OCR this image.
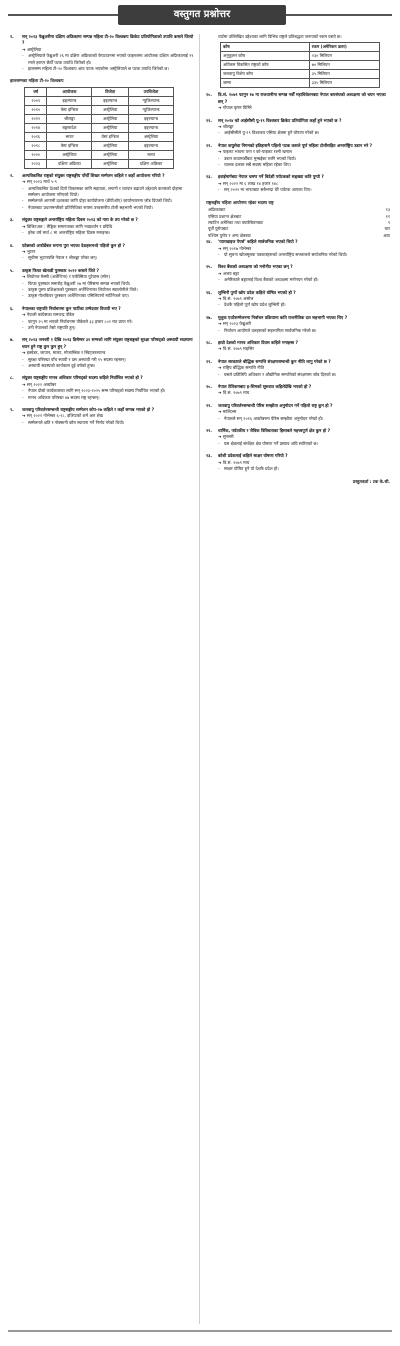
वस्तुगत प्रश्नोत्तर
१.	सन् २०२३ फेब्रुअरीमा दक्षिण अफ्रिकामा सम्पन्न महिला टी-२० विश्वकप क्रिकेट प्रतियोगिताको उपाधि कसले जित्यो ?
➔ अस्ट्रेलिया
-	अस्ट्रेलियाले फेब्रुअरी २६ मा दक्षिण अफ्रिकाको केपटाउनमा भएको फाइनलमा आयोजक दक्षिण अफ्रिकालाई १९ रनले हराएर छैठौँ पटक उपाधि जितेको हो।
-	हालसम्म महिला टी-२० विश्वकप आठ पटक भएकोमा अस्ट्रेलियाले छ पटक उपाधि जितेको छ।
हालसम्मका महिला टी-२० विश्वकप
वर्ष	आयोजक	विजेता	उपविजेता
२००९	इङ्ल्यान्ड	इङ्ल्यान्ड	न्युजिल्यान्ड
२०१०	वेस्ट इन्डिज	अस्ट्रेलिया	न्युजिल्यान्ड
२०१२	श्रीलङ्का	अस्ट्रेलिया	इङ्ल्यान्ड
२०१४	बङ्गलादेश	अस्ट्रेलिया	इङ्ल्यान्ड
२०१६	भारत	वेस्ट इन्डिज	अस्ट्रेलिया
२०१८	वेस्ट इन्डिज	अस्ट्रेलिया	इङ्ल्यान्ड
२०२०	अस्ट्रेलिया	अस्ट्रेलिया	भारत
२०२३	दक्षिण अफ्रिका	अस्ट्रेलिया	दक्षिण अफ्रिका
२.	अल्पविकसित राष्ट्रको संयुक्त राष्ट्रसङ्घीय पाँचौँ शिखर सम्मेलन कहिले र कहाँ आयोजना गरियो ?
➔ सन् २०२३ मार्च ५-९
-	अल्पविकसित देशको दिगो विकासका लागि सहायता, लगानी र व्यापार बढाउने उद्देश्यले कतारको दोहामा सम्मेलन आयोजना गरिएको थियो।
-	सम्मेलनले आगामी दशकका लागि दोहा कार्ययोजना (डीपीओए) कार्यान्वयनमा जोड दिएको थियो।
-	नेपालबाट प्रधानमन्त्रीको प्रतिनिधिका रूपमा उच्चस्तरीय टोली सहभागी भएको थियो।
३.	संयुक्त राष्ट्रसङ्घले अन्तर्राष्ट्रिय महिला दिवस २०२३ को नारा के तय गरेको छ ?
➔ डिजिटअल : लैङ्गिक समानताका लागि नवप्रवर्तन र प्रविधि
-	हरेक वर्ष मार्च ८ मा अन्तर्राष्ट्रिय महिला दिवस मनाइन्छ।
४.	फोब्र्सको अफोर्डेबल रूपमा पुरा भएका देशहरूमध्ये पहिलो कुन हो ?
➔ भुटान
-	सूचीमा भुटानपछि नेपाल र श्रीलङ्का परेका छन्।
५.	उत्कृष्ट फिफा खेलाडी पुरस्कार २०२२ कसले जिते ?
➔ लियोनल मेस्सी (अर्जेन्टिना) र एलेक्सिया पुटेयास (स्पेन)
-	फिफा पुरस्कार समारोह फेब्रुअरी २७ मा पेरिसमा सम्पन्न भएको थियो।
-	उत्कृष्ट पुरुष प्रशिक्षकको पुरस्कार अर्जेन्टिनाका लियोनल स्कालोनीले जिते।
-	उत्कृष्ट गोलकिपर पुरस्कार अर्जेन्टिनाका एमिलियानो मार्टिनेजले पाए।
६.	नेपालका राष्ट्रपति निर्वाचनमा कुन पार्टीका उम्मेदवार विजयी भए ?
➔ नेपाली कांग्रेसका रामचन्द्र पौडेल
-	फागुन २५ मा भएको निर्वाचनमा पौडेलले ३३ हजार ८०२ मत प्राप्त गरे।
-	उनी नेपालको तेस्रो राष्ट्रपति हुन्।
७.	सन् २०२३ जनवरी १ देखि २०२३ डिसेम्बर ३१ सम्मको लागि संयुक्त राष्ट्रसङ्घको सुरक्षा परिषद्को अस्थायी सदस्यमा चयन हुने राष्ट्र कुन कुन हुन् ?
➔ इक्वेडर, जापान, माल्टा, मोजाम्बिक र स्विट्जरल्यान्ड
-	सुरक्षा परिषद्मा पाँच स्थायी र दस अस्थायी गरी १५ सदस्य रहन्छन्।
-	अस्थायी सदस्यको कार्यकाल दुई वर्षको हुन्छ।
८.	संयुक्त राष्ट्रसङ्घीय मानव अधिकार परिषद्को सदस्य कहिले निर्वाचित भएको हो ?
➔ सन् २०२२ अक्टोबर
-	नेपाल दोस्रो कार्यकालका लागि सन् २०२३-२०२५ सम्म परिषद्को सदस्य निर्वाचित भएको हो।
-	मानव अधिकार परिषद्मा ४७ सदस्य राष्ट्र रहन्छन्।
९.	जलवायु परिवर्तनसम्बन्धी राष्ट्रसङ्घीय सम्मेलन कोप-२७ कहिले र कहाँ सम्पन्न भएको हो ?
➔ सन् २०२२ नोभेम्बर ६-१८, इजिप्टको शर्म अल शेख
-	सम्मेलनले क्षति र नोक्सानी कोष स्थापना गर्ने निर्णय गरेको थियो।
चार्टमा उल्लिखित उद्देश्यका लागि विभिन्न राष्ट्रले प्रतिबद्धता जनाएको रकम यस्तो छ।
कोष	रकम (अमेरिकन डलर)
अनुकूलन कोष	२३० मिलियन
अतिकम विकसित राष्ट्रको कोष	७० मिलियन
जलवायु विशेष कोष	३५ मिलियन
जम्मा	३३५ मिलियन
१०.	वि.सं. २०७९ फागुन १७ मा राजधानीमा सम्पन्न नवौँ महाधिवेशनबाट नेपाल बारसंघको अध्यक्षमा को चयन भएका छन् ?
➔ गोपाल कृष्ण घिमिरे
११.	सन् २०२४ को आईसीसी यु-१९ विश्वकप क्रिकेट प्रतियोगिता कहाँ हुने भएको छ ?
➔ श्रीलङ्का
-	आईसीसीले यु-१९ विश्वकप एसिया क्षेत्रमा हुने घोषणा गरेको छ।
१२.	नेपाल वायुसेवा निगमको इतिहासमै पहिलो पटक कसले पूर्ण महिला टोलीसहित अन्तर्राष्ट्रिय उडान भरे ?
➔ पाइलट भावना पन्त र को-पाइलट रश्मी खनाल
-	उडान काठमाडौँबाट मुम्बईका लागि भएको थियो।
-	चालक दलका सबै सदस्य महिला रहेका थिए।
१३.	हवाईमार्गबाट नेपाल भ्रमण गर्ने विदेशी पर्यटकको सङ्ख्या कति पुग्यो ?
➔ सन् २०२२ मा ६ लाख १४ हजार १४८
-	सन् २०२२ मा भारतबाट सबैभन्दा धेरै पर्यटक आएका थिए।
राष्ट्रसङ्घीय महिला आयोगमा रहेका सदस्य राष्ट्र
अफ्रिकाबाट	१३
एसिया प्रशान्त क्षेत्रबाट	११
ल्याटिन अमेरिका तथा क्यारेबियनबाट	९
पूर्वी युरोपबाट	चार
पश्चिम युरोप र अन्य क्षेत्रबाट	आठ
१४.	'प्याराडाइज पेपर्स' कहिले सार्वजनिक भएको थियो ?
➔ सन् २०१७ नोभेम्बर
-	यो सूचना खोजमूलक पत्रकारहरूको अन्तर्राष्ट्रिय सञ्जालले सार्वजनिक गरेको थियो।
१५.	विश्व बैंकको अध्यक्षमा को मनोनीत भएका छन् ?
➔ अजय बङ्गा
-	अमेरिकाले बङ्गालाई विश्व बैंकको अध्यक्षमा मनोनयन गरेको हो।
१६.	लुम्बिनी पुर्णो खोप प्रदेश कहिले घोषित भएको हो ?
➔ वि.सं. २०७९ असोज
-	देशकै पहिलो पूर्ण खोप प्रदेश लुम्बिनी हो।
१७.	मुलुक एउटैसम्मेलनमा निर्वाचन प्रक्रियामा कति राजनीतिक दल सहभागी भएका थिए ?
➔ सन् २०२३ फेब्रुअरी
-	निर्वाचन आयोगले दलहरूको सहभागिता सार्वजनिक गरेको छ।
१८.	हाम्रो देशको मानव अधिकार दिवस कहिले मनाइन्छ ?
➔ वि.सं. २०७९ मङ्सिर
१९.	नेपाल सरकारले बौद्धिक सम्पत्ति संरक्षणसम्बन्धी कुन नीति लागु गरेको छ ?
➔ राष्ट्रिय बौद्धिक सम्पत्ति नीति
-	यसले प्रतिलिपि अधिकार र औद्योगिक सम्पत्तिको संरक्षणमा जोड दिएको छ।
२०.	नेपाल टेलिकमबाट इ-सिमको सुरुवात कहिलेदेखि भएको हो ?
➔ वि.सं. २०७९ माघ
२१.	जलवायु परिवर्तनसम्बन्धी पेरिस सम्झौता अनुमोदन गर्ने पहिलो राष्ट्र कुन हो ?
➔ माल्दिभ्स
-	नेपालले सन् २०१६ अक्टोबरमा पेरिस सम्झौता अनुमोदन गरेको हो।
२२.	धार्मिक, पर्यटकीय र जैविक विविधताका हिसाबले महत्त्वपूर्ण क्षेत्र कुन हो ?
➔ सुनसरी
-	यस क्षेत्रलाई संरक्षित क्षेत्र घोषणा गर्ने प्रस्ताव अघि सारिएको छ।
२३.	कोशी प्रदेशलाई कहिले साक्षर घोषणा गरियो ?
➔ वि.सं. २०७९ माघ
-	साक्षर घोषित हुने यो देशकै प्रदेश हो।
प्रस्तुतकर्ता : टक के.सी.
